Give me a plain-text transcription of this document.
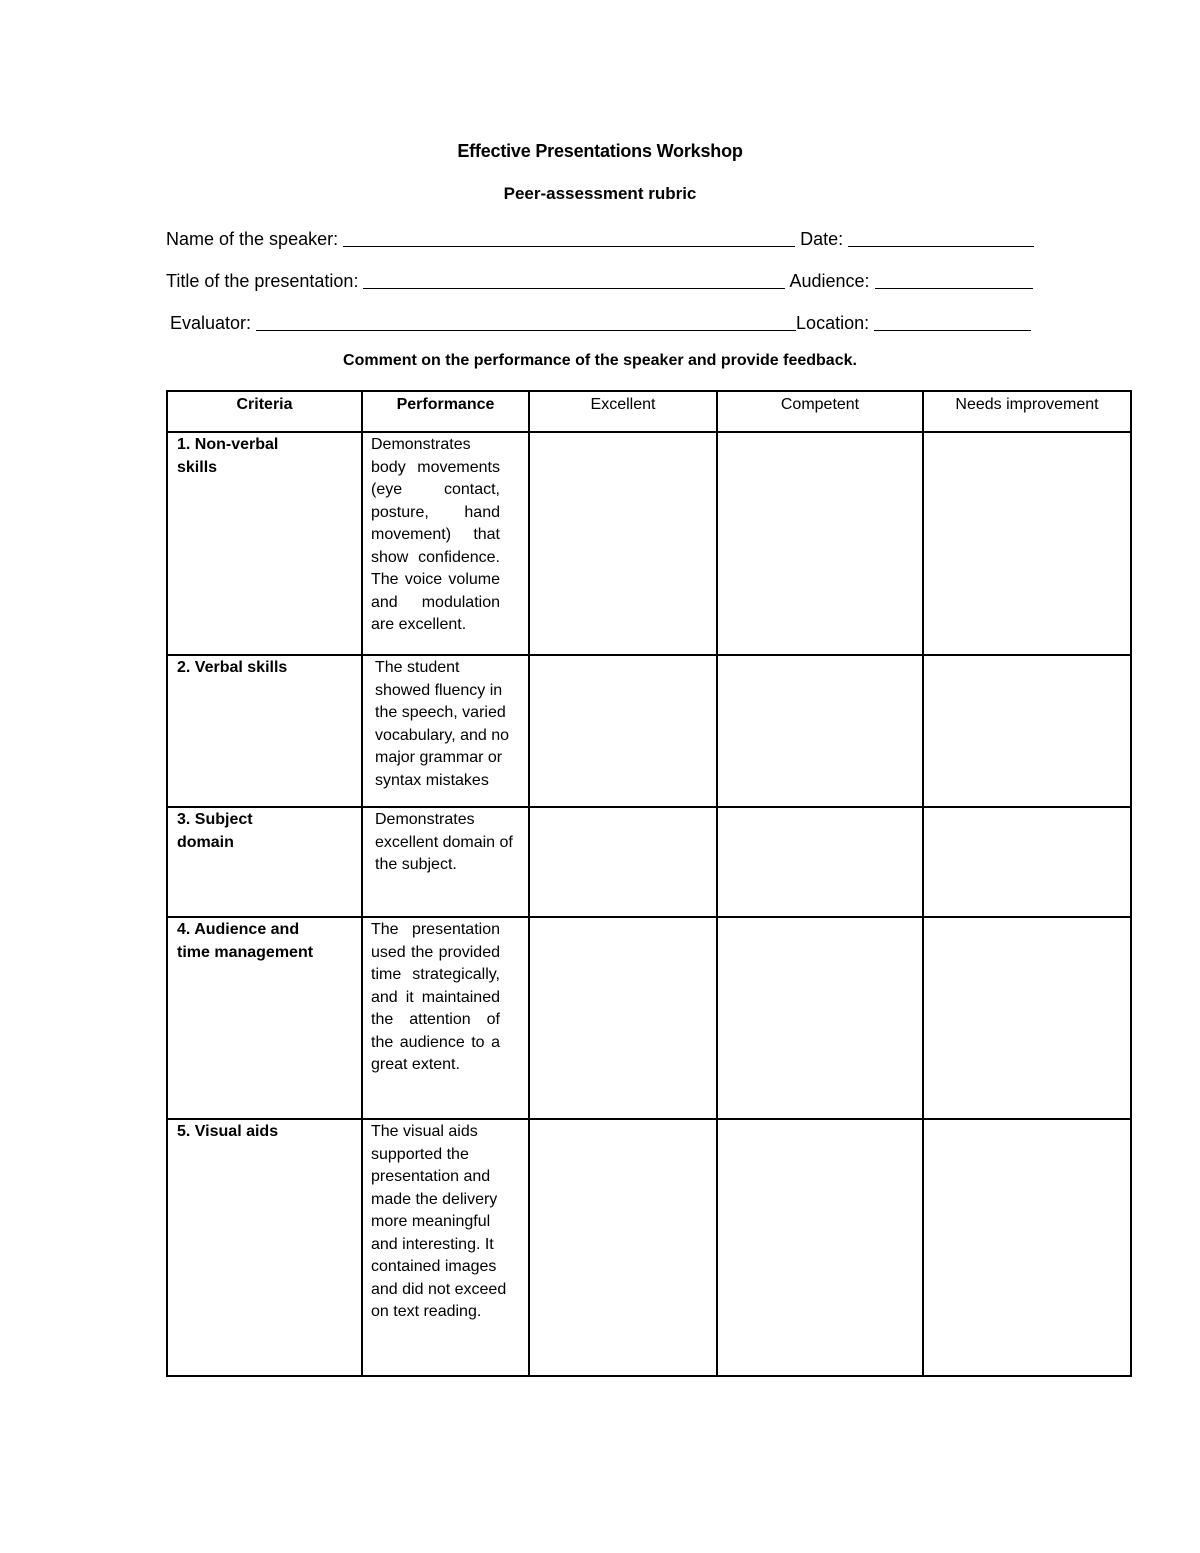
Effective Presentations Workshop
Peer-assessment rubric
Name of the speaker:	Date:
Title of the presentation:	Audience:
Evaluator:	Location:
Comment on the performance of the speaker and provide feedback.
Criteria	Performance	Excellent	Competent	Needs improvement

1. Non-verbal skills	Demonstrates body movements (eye contact, posture, hand movement) that show confidence. The voice volume and modulation are excellent.			

2. Verbal skills	The student showed fluency in the speech, varied vocabulary, and no major grammar or syntax mistakes			

3. Subject domain	Demonstrates excellent domain of the subject.			

4. Audience and time management	The presentation used the provided time strategically, and it maintained the attention of the audience to a great extent.			

5. Visual aids	The visual aids supported the presentation and made the delivery more meaningful and interesting. It contained images and did not exceed on text reading.			
